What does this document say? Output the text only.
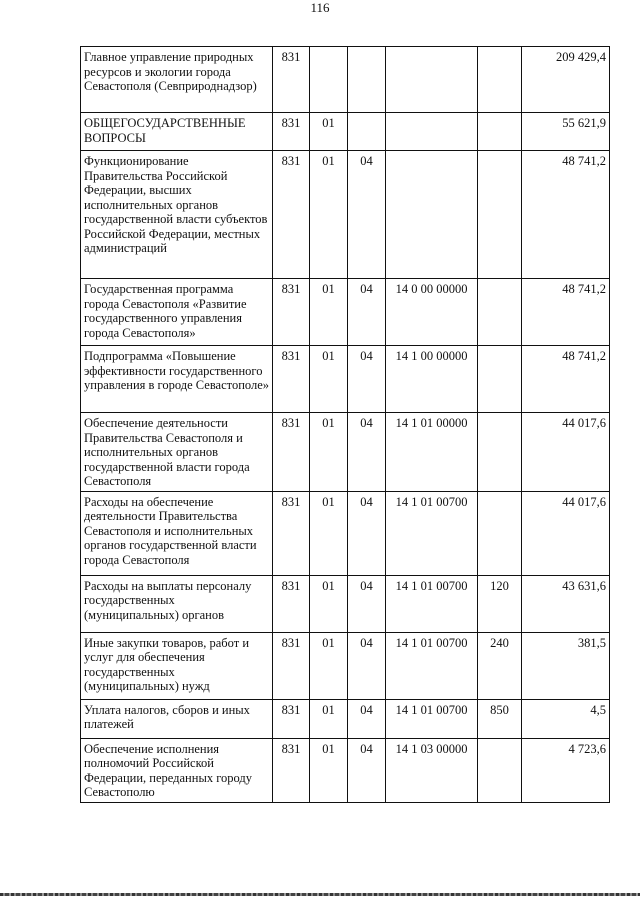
116
Главное управление природных ресурсов и экологии города Севастополя (Севприроднадзор)	831					209 429,4
ОБЩЕГОСУДАРСТВЕННЫЕ ВОПРОСЫ	831	01				55 621,9
Функционирование Правительства Российской Федерации, высших исполнительных органов государственной власти субъектов Российской Федерации, местных администраций	831	01	04			48 741,2
Государственная программа города Севастополя «Развитие государственного управления города Севастополя»	831	01	04	14 0 00 00000		48 741,2
Подпрограмма «Повышение эффективности государственного управления в городе Севастополе»	831	01	04	14 1 00 00000		48 741,2
Обеспечение деятельности Правительства Севастополя и исполнительных органов государственной власти города Севастополя	831	01	04	14 1 01 00000		44 017,6
Расходы на обеспечение деятельности Правительства Севастополя и исполнительных органов государственной власти города Севастополя	831	01	04	14 1 01 00700		44 017,6
Расходы на выплаты персоналу государственных (муниципальных) органов	831	01	04	14 1 01 00700	120	43 631,6
Иные закупки товаров, работ и услуг для обеспечения государственных (муниципальных) нужд	831	01	04	14 1 01 00700	240	381,5
Уплата налогов, сборов и иных платежей	831	01	04	14 1 01 00700	850	4,5
Обеспечение исполнения полномочий Российской Федерации, переданных городу Севастополю	831	01	04	14 1 03 00000		4 723,6
